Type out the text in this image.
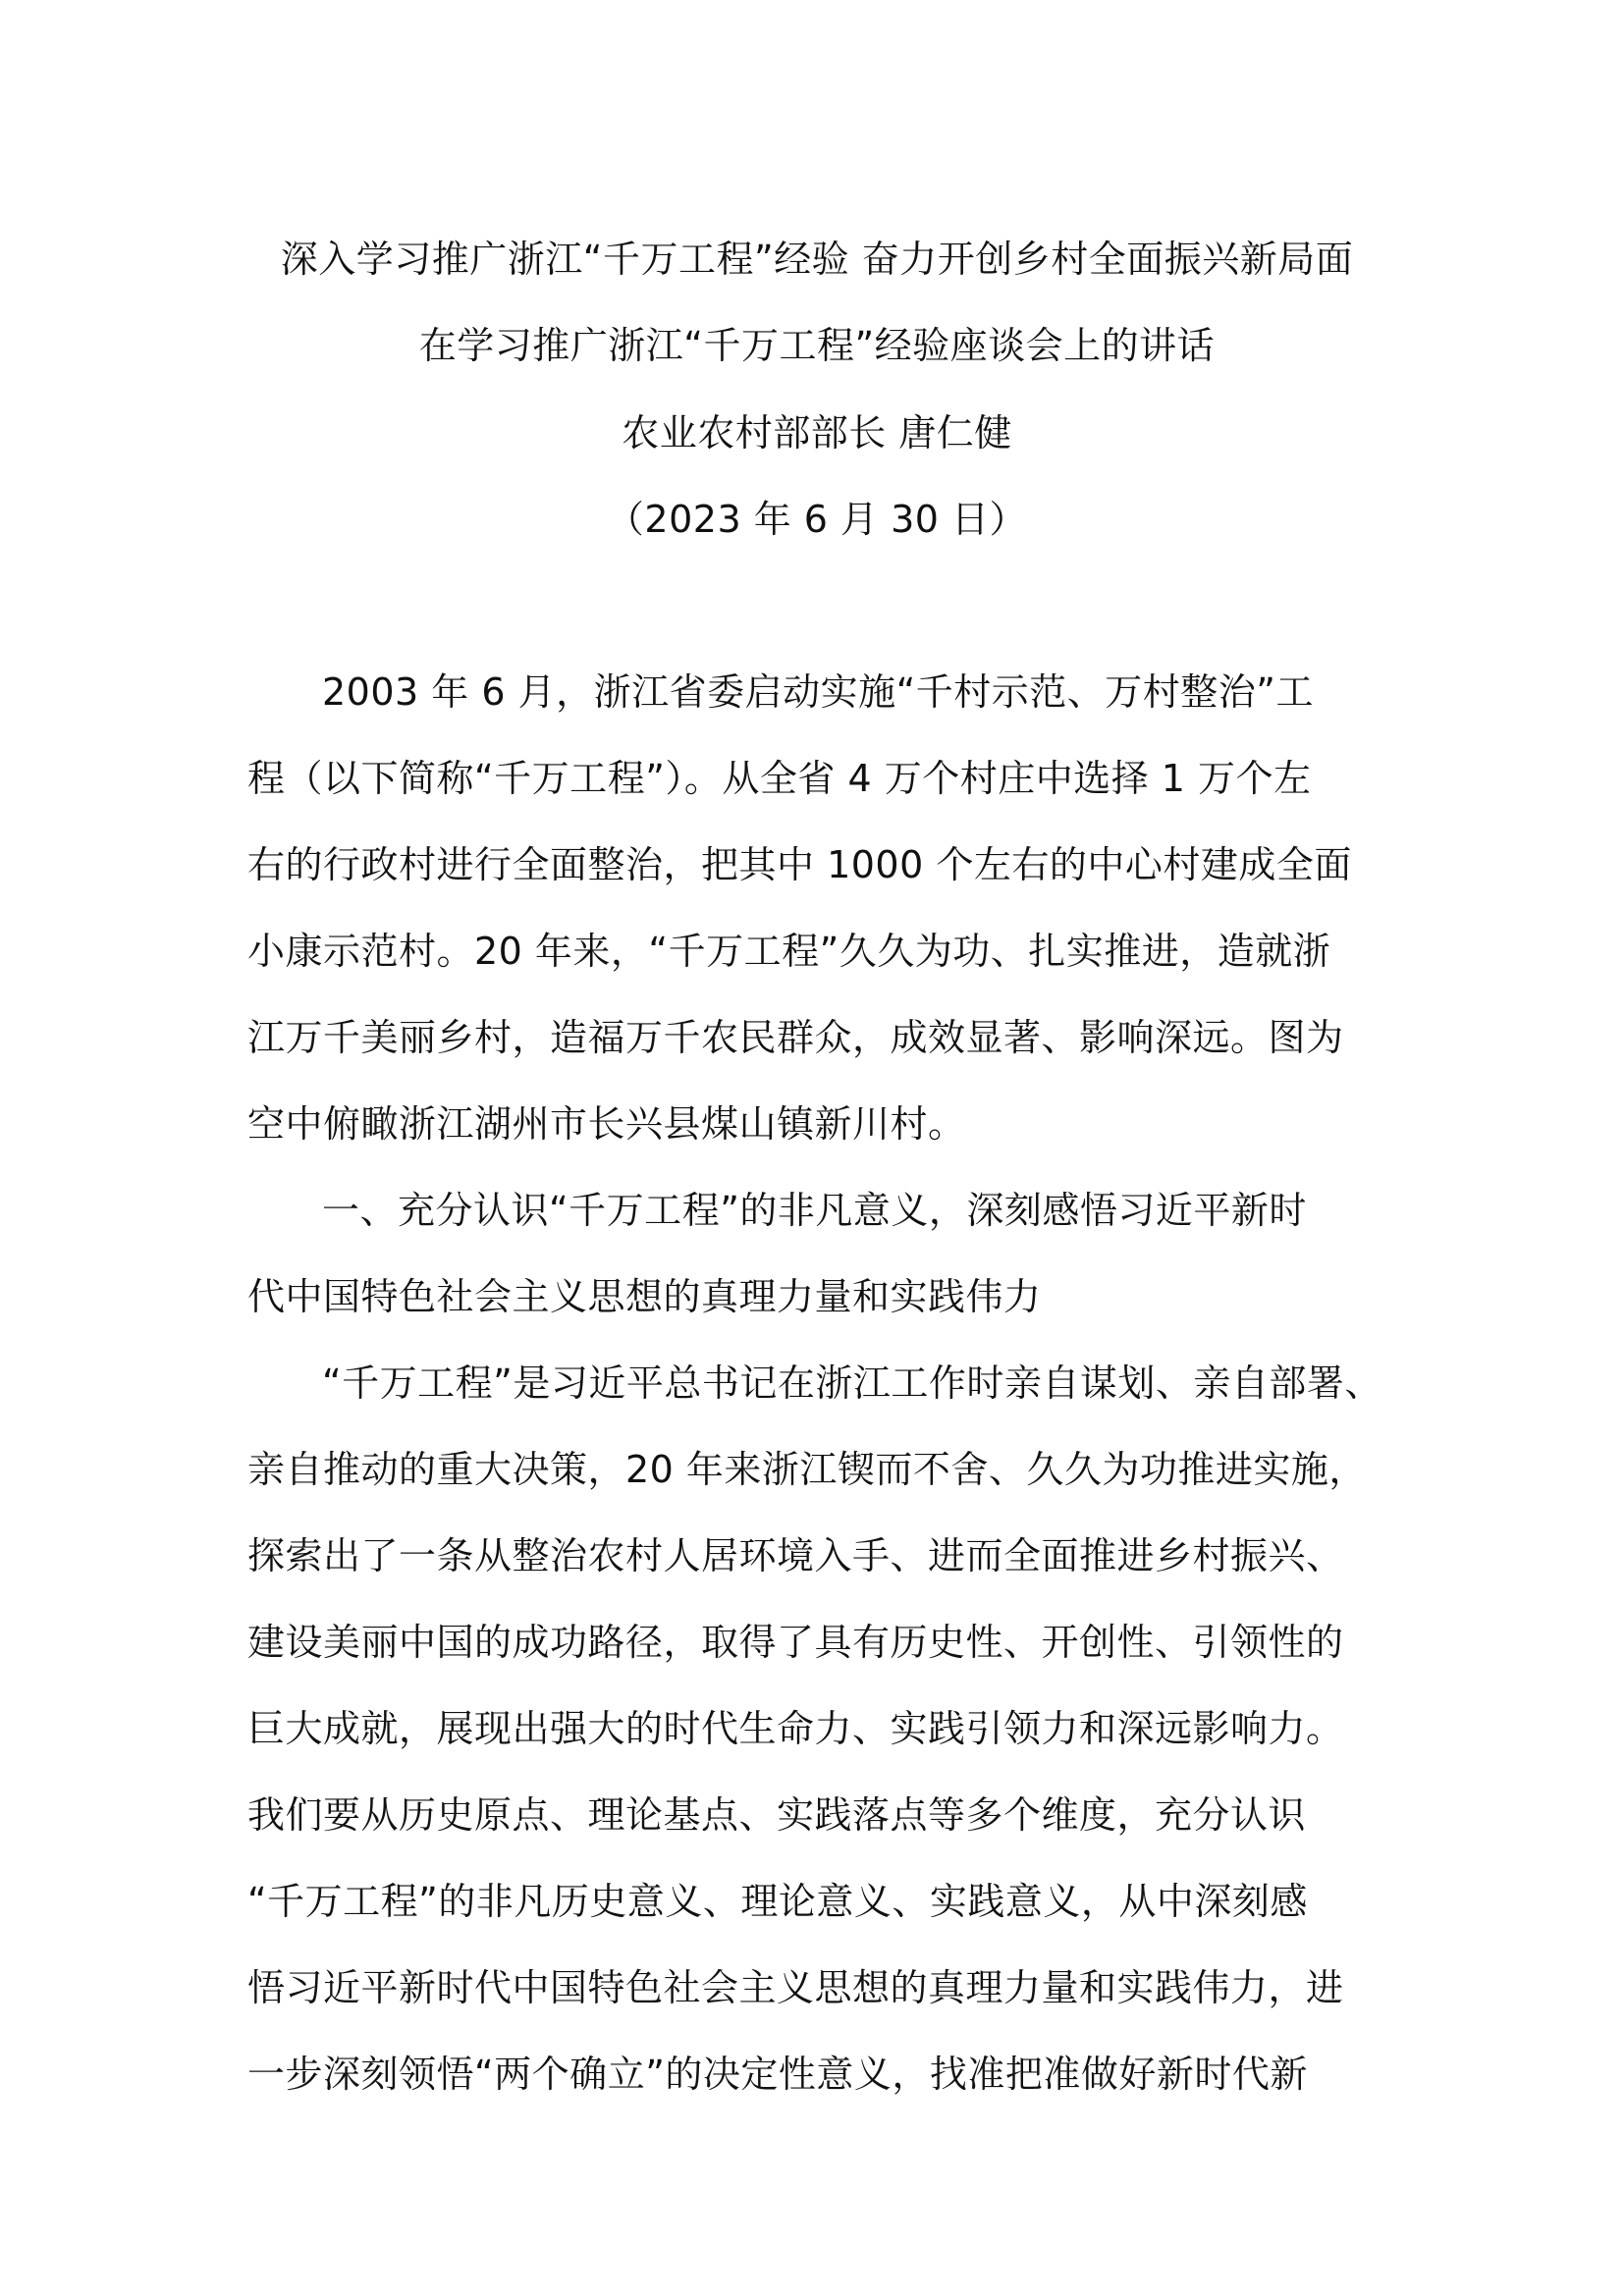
深入学习推广浙江“千万工程”经验 奋力开创乡村全面振兴新局面
在学习推广浙江“千万工程”经验座谈会上的讲话
农业农村部部长 唐仁健
（2023 年 6 月 30 日）
2003 年 6 月，浙江省委启动实施“千村示范、万村整治”工
程（以下简称“千万工程”）。从全省 4 万个村庄中选择 1 万个左
右的行政村进行全面整治，把其中 1000 个左右的中心村建成全面
小康示范村。20 年来，“千万工程”久久为功、扎实推进，造就浙
江万千美丽乡村，造福万千农民群众，成效显著、影响深远。图为
空中俯瞰浙江湖州市长兴县煤山镇新川村。
一、充分认识“千万工程”的非凡意义，深刻感悟习近平新时
代中国特色社会主义思想的真理力量和实践伟力
“千万工程”是习近平总书记在浙江工作时亲自谋划、亲自部署、
亲自推动的重大决策，20 年来浙江锲而不舍、久久为功推进实施，
探索出了一条从整治农村人居环境入手、进而全面推进乡村振兴、
建设美丽中国的成功路径，取得了具有历史性、开创性、引领性的
巨大成就，展现出强大的时代生命力、实践引领力和深远影响力。
我们要从历史原点、理论基点、实践落点等多个维度，充分认识
“千万工程”的非凡历史意义、理论意义、实践意义，从中深刻感
悟习近平新时代中国特色社会主义思想的真理力量和实践伟力，进
一步深刻领悟“两个确立”的决定性意义，找准把准做好新时代新
